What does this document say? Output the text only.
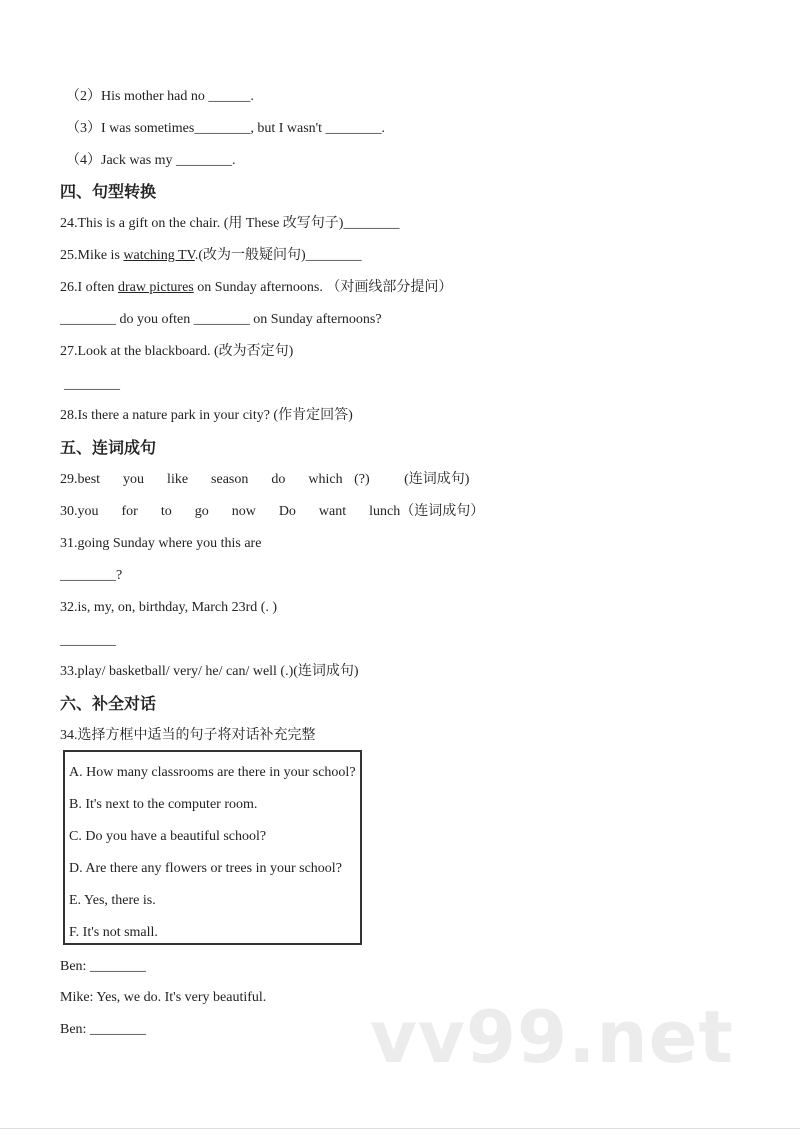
（2）His mother had no ______.
（3）I was sometimes________, but I wasn't ________.
（4）Jack was my ________.
四、句型转换
24.This is a gift on the chair. (用 These 改写句子)________
25.Mike is watching TV.(改为一般疑问句)________
26.I often draw pictures on Sunday afternoons. （对画线部分提问）
________ do you often ________ on Sunday afternoons?
27.Look at the blackboard. (改为否定句)
________
28.Is there a nature park in your city? (作肯定回答)
五、连词成句
29.best  you  like  season  do  which (?)   (连词成句)
30.you  for  to  go  now  Do  want  lunch（连词成句）
31.going Sunday where you this are
________?
32.is, my, on, birthday, March 23rd (. )
________
33.play/ basketball/ very/ he/ can/ well (.)(连词成句)
六、补全对话
34.选择方框中适当的句子将对话补充完整
A. How many classrooms are there in your school?
B. It's next to the computer room.
C. Do you have a beautiful school?
D. Are there any flowers or trees in your school?
E. Yes, there is.
F. It's not small.
Ben: ________
Mike: Yes, we do. It's very beautiful.
Ben: ________	vv99.net
